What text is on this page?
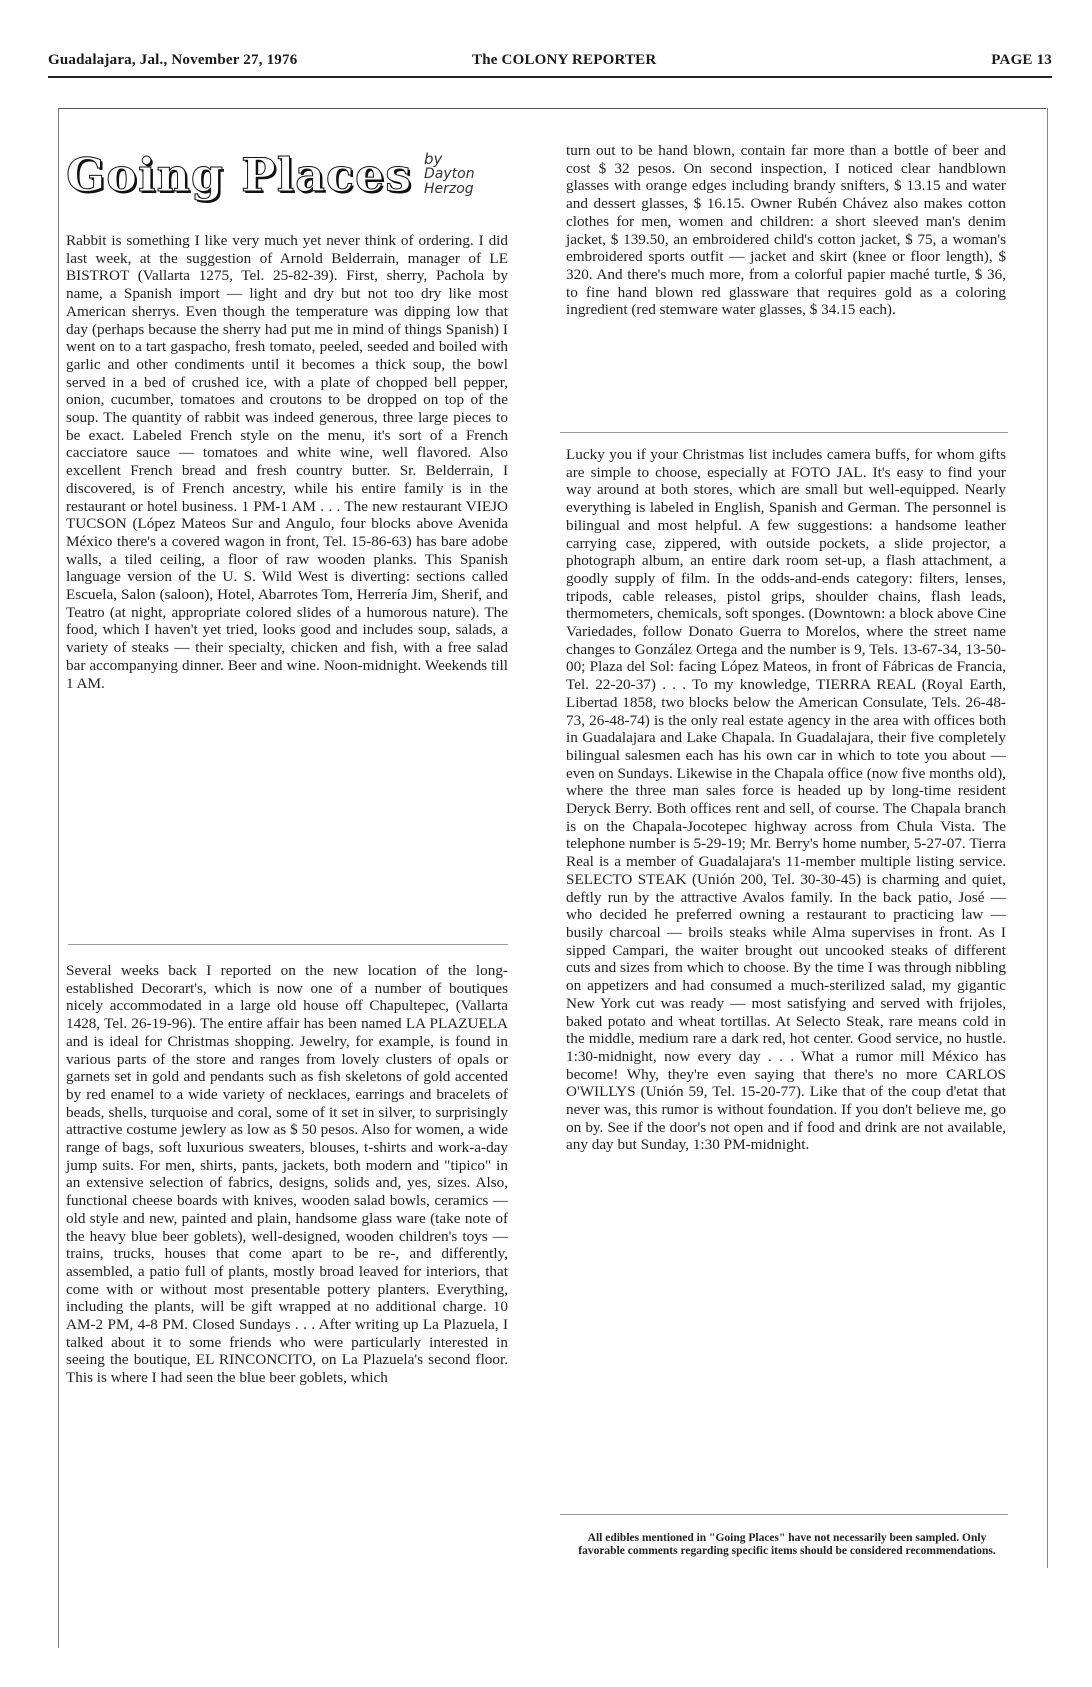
Guadalajara, Jal., November 27, 1976	The COLONY REPORTER	PAGE 13
Going Places by
Dayton
Herzog

Rabbit is something I like very much yet never think of ordering. I did last week, at the suggestion of Arnold Belderrain, manager of LE BISTROT (Vallarta 1275, Tel. 25-82-39). First, sherry, Pachola by name, a Spanish import — light and dry but not too dry like most American sherrys. Even though the temperature was dipping low that day (perhaps because the sherry had put me in mind of things Spanish) I went on to a tart gaspacho, fresh tomato, peeled, seeded and boiled with garlic and other condiments until it becomes a thick soup, the bowl served in a bed of crushed ice, with a plate of chopped bell pepper, onion, cucumber, tomatoes and croutons to be dropped on top of the soup. The quantity of rabbit was indeed generous, three large pieces to be exact. Labeled French style on the menu, it's sort of a French cacciatore sauce — tomatoes and white wine, well flavored. Also excellent French bread and fresh country butter. Sr. Belderrain, I discovered, is of French ancestry, while his entire family is in the restaurant or hotel business. 1 PM-1 AM . . . The new restaurant VIEJO TUCSON (López Mateos Sur and Angulo, four blocks above Avenida México there's a covered wagon in front, Tel. 15-86-63) has bare adobe walls, a tiled ceiling, a floor of raw wooden planks. This Spanish language version of the U. S. Wild West is diverting: sections called Escuela, Salon (saloon), Hotel, Abarrotes Tom, Herrería Jim, Sherif, and Teatro (at night, appropriate colored slides of a humorous nature). The food, which I haven't yet tried, looks good and includes soup, salads, a variety of steaks — their specialty, chicken and fish, with a free salad bar accompanying dinner. Beer and wine. Noon-midnight. Weekends till 1 AM.

Several weeks back I reported on the new location of the long-established Decorart's, which is now one of a number of boutiques nicely accommodated in a large old house off Chapultepec, (Vallarta 1428, Tel. 26-19-96). The entire affair has been named LA PLAZUELA and is ideal for Christmas shopping. Jewelry, for example, is found in various parts of the store and ranges from lovely clusters of opals or garnets set in gold and pendants such as fish skeletons of gold accented by red enamel to a wide variety of necklaces, earrings and bracelets of beads, shells, turquoise and coral, some of it set in silver, to surprisingly attractive costume jewlery as low as $ 50 pesos. Also for women, a wide range of bags, soft luxurious sweaters, blouses, t-shirts and work-a-day jump suits. For men, shirts, pants, jackets, both modern and "tipico" in an extensive selection of fabrics, designs, solids and, yes, sizes. Also, functional cheese boards with knives, wooden salad bowls, ceramics — old style and new, painted and plain, handsome glass ware (take note of the heavy blue beer goblets), well-designed, wooden children's toys — trains, trucks, houses that come apart to be re-, and differently, assembled, a patio full of plants, mostly broad leaved for interiors, that come with or without most presentable pottery planters. Everything, including the plants, will be gift wrapped at no additional charge. 10 AM-2 PM, 4-8 PM. Closed Sundays . . . After writing up La Plazuela, I talked about it to some friends who were particularly interested in seeing the boutique, EL RINCONCITO, on La Plazuela's second floor. This is where I had seen the blue beer goblets, which

turn out to be hand blown, contain far more than a bottle of beer and cost $ 32 pesos. On second inspection, I noticed clear handblown glasses with orange edges including brandy snifters, $ 13.15 and water and dessert glasses, $ 16.15. Owner Rubén Chávez also makes cotton clothes for men, women and children: a short sleeved man's denim jacket, $ 139.50, an embroidered child's cotton jacket, $ 75, a woman's embroidered sports outfit — jacket and skirt (knee or floor length), $ 320. And there's much more, from a colorful papier maché turtle, $ 36, to fine hand blown red glassware that requires gold as a coloring ingredient (red stemware water glasses, $ 34.15 each).

Lucky you if your Christmas list includes camera buffs, for whom gifts are simple to choose, especially at FOTO JAL. It's easy to find your way around at both stores, which are small but well-equipped. Nearly everything is labeled in English, Spanish and German. The personnel is bilingual and most helpful. A few suggestions: a handsome leather carrying case, zippered, with outside pockets, a slide projector, a photograph album, an entire dark room set-up, a flash attachment, a goodly supply of film. In the odds-and-ends category: filters, lenses, tripods, cable releases, pistol grips, shoulder chains, flash leads, thermometers, chemicals, soft sponges. (Downtown: a block above Cine Variedades, follow Donato Guerra to Morelos, where the street name changes to González Ortega and the number is 9, Tels. 13-67-34, 13-50-00; Plaza del Sol: facing López Mateos, in front of Fábricas de Francia, Tel. 22-20-37) . . . To my knowledge, TIERRA REAL (Royal Earth, Libertad 1858, two blocks below the American Consulate, Tels. 26-48-73, 26-48-74) is the only real estate agency in the area with offices both in Guadalajara and Lake Chapala. In Guadalajara, their five completely bilingual salesmen each has his own car in which to tote you about — even on Sundays. Likewise in the Chapala office (now five months old), where the three man sales force is headed up by long-time resident Deryck Berry. Both offices rent and sell, of course. The Chapala branch is on the Chapala-Jocotepec highway across from Chula Vista. The telephone number is 5-29-19; Mr. Berry's home number, 5-27-07. Tierra Real is a member of Guadalajara's 11-member multiple listing service. SELECTO STEAK (Unión 200, Tel. 30-30-45) is charming and quiet, deftly run by the attractive Avalos family. In the back patio, José — who decided he preferred owning a restaurant to practicing law — busily charcoal — broils steaks while Alma supervises in front. As I sipped Campari, the waiter brought out uncooked steaks of different cuts and sizes from which to choose. By the time I was through nibbling on appetizers and had consumed a much-sterilized salad, my gigantic New York cut was ready — most satisfying and served with frijoles, baked potato and wheat tortillas. At Selecto Steak, rare means cold in the middle, medium rare a dark red, hot center. Good service, no hustle. 1:30-midnight, now every day . . . What a rumor mill México has become! Why, they're even saying that there's no more CARLOS O'WILLYS (Unión 59, Tel. 15-20-77). Like that of the coup d'etat that never was, this rumor is without foundation. If you don't believe me, go on by. See if the door's not open and if food and drink are not available, any day but Sunday, 1:30 PM-midnight.

All edibles mentioned in "Going Places" have not necessarily been sampled. Only favorable comments regarding specific items should be considered recommendations.
